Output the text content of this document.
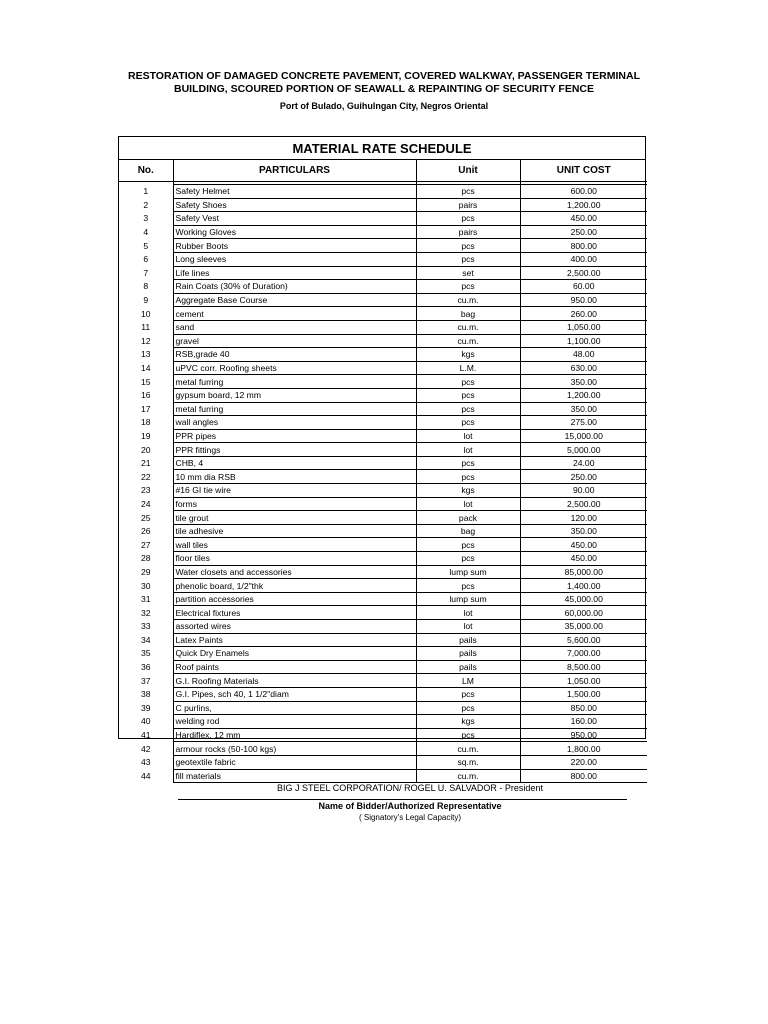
RESTORATION OF DAMAGED CONCRETE PAVEMENT, COVERED WALKWAY, PASSENGER TERMINAL
BUILDING, SCOURED PORTION OF SEAWALL & REPAINTING OF SECURITY FENCE
Port of Bulado, Guihulngan City, Negros Oriental
MATERIAL RATE SCHEDULE
No.	PARTICULARS	Unit	UNIT COST

1	Safety Helmet	pcs	600.00
2	Safety Shoes	pairs	1,200.00
3	Safety Vest	pcs	450.00
4	Working Gloves	pairs	250.00
5	Rubber Boots	pcs	800.00
6	Long sleeves	pcs	400.00
7	Life lines	set	2,500.00
8	Rain Coats (30% of Duration)	pcs	60.00
9	Aggregate Base Course	cu.m.	950.00
10	cement	bag	260.00
11	sand	cu.m.	1,050.00
12	gravel	cu.m.	1,100.00
13	RSB,grade 40	kgs	48.00
14	uPVC corr. Roofing sheets	L.M.	630.00
15	metal furring	pcs	350.00
16	gypsum board, 12 mm	pcs	1,200.00
17	metal furring	pcs	350.00
18	wall angles	pcs	275.00
19	PPR pipes	lot	15,000.00
20	PPR fittings	lot	5,000.00
21	CHB, 4	pcs	24.00
22	10 mm dia RSB	pcs	250.00
23	#16 GI tie wire	kgs	90.00
24	forms	lot	2,500.00
25	tile grout	pack	120.00
26	tile adhesive	bag	350.00
27	wall tiles	pcs	450.00
28	floor tiles	pcs	450.00
29	Water closets and accessories	lump sum	85,000.00
30	phenolic board, 1/2"thk	pcs	1,400.00
31	partition accessories	lump sum	45,000.00
32	Electrical fixtures	lot	60,000.00
33	assorted wires	lot	35,000.00
34	Latex Paints	pails	5,600.00
35	Quick Dry Enamels	pails	7,000.00
36	Roof paints	pails	8,500.00
37	G.I. Roofing Materials	LM	1,050.00
38	G.I. Pipes, sch 40, 1 1/2"diam	pcs	1,500.00
39	C purlins,	pcs	850.00
40	welding rod	kgs	160.00
41	Hardiflex, 12 mm	pcs	950.00
42	armour rocks (50-100 kgs)	cu.m.	1,800.00
43	geotextile fabric	sq.m.	220.00
44	fill materials	cu.m.	800.00
BIG J STEEL CORPORATION/ ROGEL U. SALVADOR - President
Name of Bidder/Authorized Representative
( Signatory's Legal Capacity)
